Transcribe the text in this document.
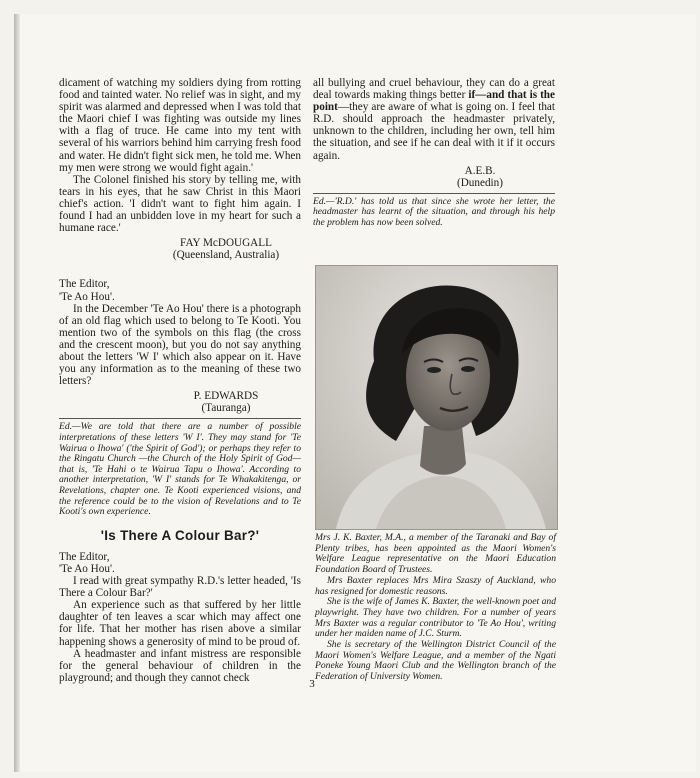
dicament of watching my soldiers dying from rotting food and tainted water. No relief was in sight, and my spirit was alarmed and depressed when I was told that the Maori chief I was fighting was outside my lines with a flag of truce. He came into my tent with several of his warriors behind him carrying fresh food and water. He didn't fight sick men, he told me. When my men were strong we would fight again.'

The Colonel finished his story by telling me, with tears in his eyes, that he saw Christ in this Maori chief's action. 'I didn't want to fight him again. I found I had an unbidden love in my heart for such a humane race.'

FAY McDOUGALL
(Queensland, Australia)

The Editor,

'Te Ao Hou'.

In the December 'Te Ao Hou' there is a photograph of an old flag which used to belong to Te Kooti. You mention two of the symbols on this flag (the cross and the crescent moon), but you do not say anything about the letters 'W I' which also appear on it. Have you any information as to the meaning of these two letters?

P. EDWARDS
(Tauranga)

Ed.—We are told that there are a number of possible interpretations of these letters 'W I'. They may stand for 'Te Wairua o Ihowa' ('the Spirit of God'); or perhaps they refer to the Ringatu Church —the Church of the Holy Spirit of God—that is, 'Te Hahi o te Wairua Tapu o Ihowa'. According to another interpretation, 'W I' stands for Te Whakakitenga, or Revelations, chapter one. Te Kooti experienced visions, and the reference could be to the vision of Revelations and to Te Kooti's own experience.

'Is There A Colour Bar?'

The Editor,

'Te Ao Hou'.

I read with great sympathy R.D.'s letter headed, 'Is There a Colour Bar?'

An experience such as that suffered by her little daughter of ten leaves a scar which may affect one for life. That her mother has risen above a similar happening shows a generosity of mind to be proud of.

A headmaster and infant mistress are responsible for the general behaviour of children in the playground; and though they cannot check

all bullying and cruel behaviour, they can do a great deal towards making things better if—and that is the point—they are aware of what is going on. I feel that R.D. should approach the headmaster privately, unknown to the children, including her own, tell him the situation, and see if he can deal with it if it occurs again.

A.E.B.
(Dunedin)

Ed.—'R.D.' has told us that since she wrote her letter, the headmaster has learnt of the situation, and through his help the problem has now been solved.

Mrs J. K. Baxter, M.A., a member of the Taranaki and Bay of Plenty tribes, has been appointed as the Maori Women's Welfare League representative on the Maori Education Foundation Board of Trustees.

Mrs Baxter replaces Mrs Mira Szaszy of Auckland, who has resigned for domestic reasons.

She is the wife of James K. Baxter, the well-known poet and playwright. They have two children. For a number of years Mrs Baxter was a regular contributor to 'Te Ao Hou', writing under her maiden name of J.C. Sturm.

She is secretary of the Wellington District Council of the Maori Women's Welfare League, and a member of the Ngati Poneke Young Maori Club and the Wellington branch of the Federation of University Women.

3
